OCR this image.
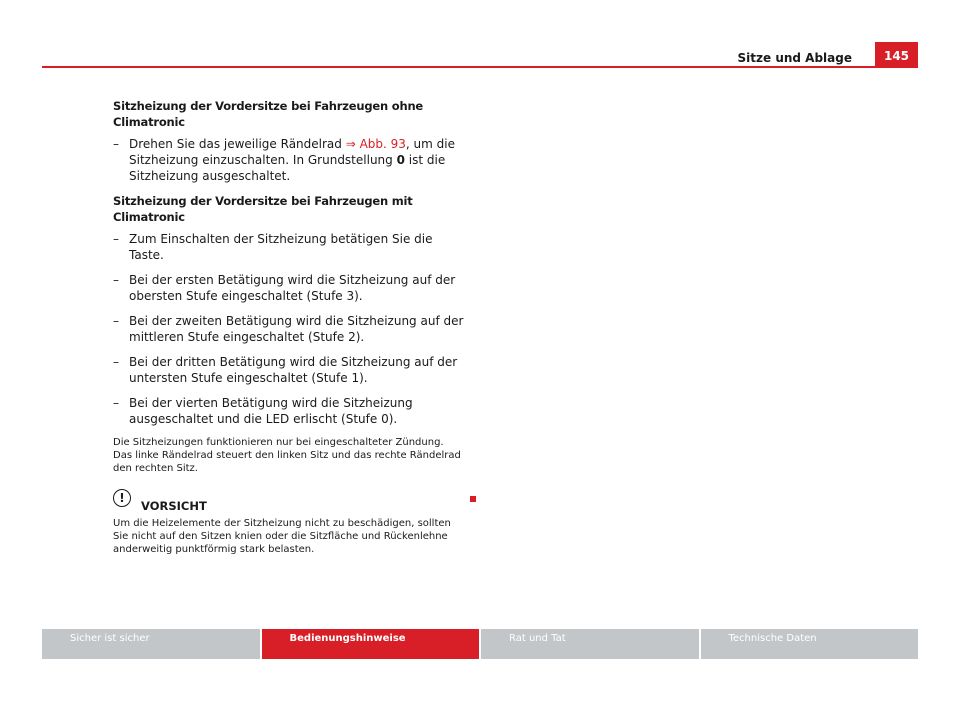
Sitze und Ablage	145
Sitzheizung der Vordersitze bei Fahrzeugen ohne Climatronic
– Drehen Sie das jeweilige Rändelrad ⇒ Abb. 93, um die Sitzheizung einzuschalten. In Grundstellung 0 ist die Sitzheizung ausgeschaltet.
Sitzheizung der Vordersitze bei Fahrzeugen mit Climatronic
– Zum Einschalten der Sitzheizung betätigen Sie die Taste.
– Bei der ersten Betätigung wird die Sitzheizung auf der obersten Stufe eingeschaltet (Stufe 3).
– Bei der zweiten Betätigung wird die Sitzheizung auf der mittleren Stufe eingeschaltet (Stufe 2).
– Bei der dritten Betätigung wird die Sitzheizung auf der untersten Stufe eingeschaltet (Stufe 1).
– Bei der vierten Betätigung wird die Sitzheizung ausgeschaltet und die LED erlischt (Stufe 0).
Die Sitzheizungen funktionieren nur bei eingeschalteter Zündung. Das linke Rändelrad steuert den linken Sitz und das rechte Rändelrad den rechten Sitz.
!
VORSICHT
Um die Heizelemente der Sitzheizung nicht zu beschädigen, sollten Sie nicht auf den Sitzen knien oder die Sitzfläche und Rückenlehne anderweitig punktförmig stark belasten.
Sicher ist sicher	Bedienungshinweise	Rat und Tat	Technische Daten
